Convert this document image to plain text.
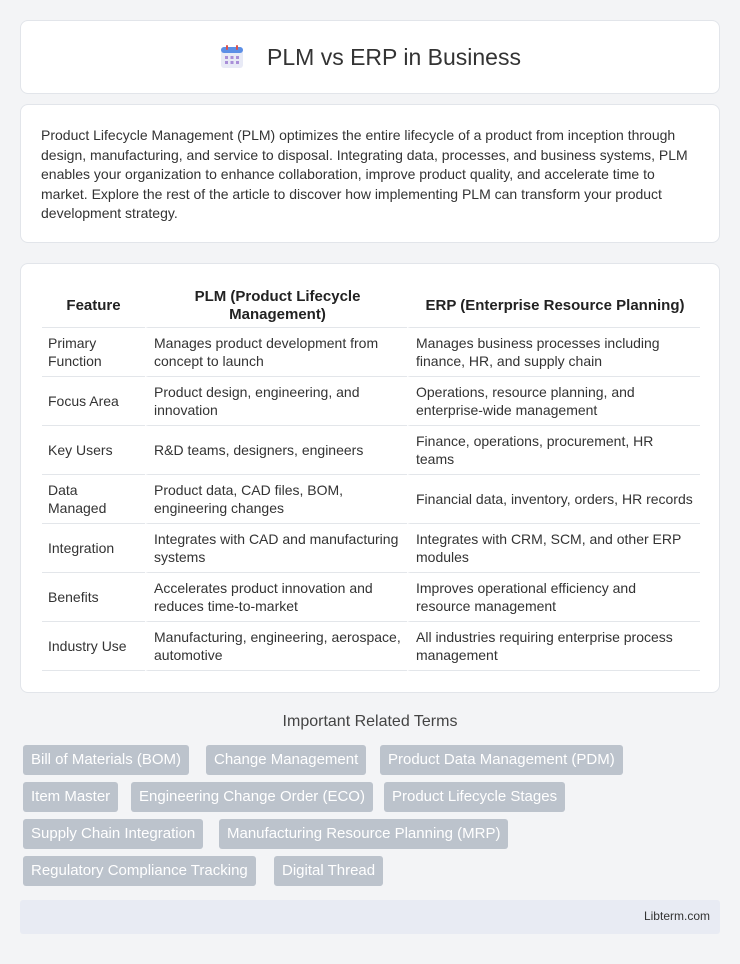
PLM vs ERP in Business

Product Lifecycle Management (PLM) optimizes the entire lifecycle of a product from inception through design, manufacturing, and service to disposal. Integrating data, processes, and business systems, PLM enables your organization to enhance collaboration, improve product quality, and accelerate time to market. Explore the rest of the article to discover how implementing PLM can transform your product development strategy.

Feature	PLM (Product Lifecycle Management)	ERP (Enterprise Resource Planning)
Primary Function	Manages product development from concept to launch	Manages business processes including finance, HR, and supply chain
Focus Area	Product design, engineering, and innovation	Operations, resource planning, and enterprise-wide management
Key Users	R&D teams, designers, engineers	Finance, operations, procurement, HR teams
Data Managed	Product data, CAD files, BOM, engineering changes	Financial data, inventory, orders, HR records
Integration	Integrates with CAD and manufacturing systems	Integrates with CRM, SCM, and other ERP modules
Benefits	Accelerates product innovation and reduces time-to-market	Improves operational efficiency and resource management
Industry Use	Manufacturing, engineering, aerospace, automotive	All industries requiring enterprise process management
Important Related Terms
Bill of Materials (BOM)	Change Management	Product Data Management (PDM)
Item Master	Engineering Change Order (ECO)	Product Lifecycle Stages
Supply Chain Integration	Manufacturing Resource Planning (MRP)
Regulatory Compliance Tracking	Digital Thread
Libterm.com
